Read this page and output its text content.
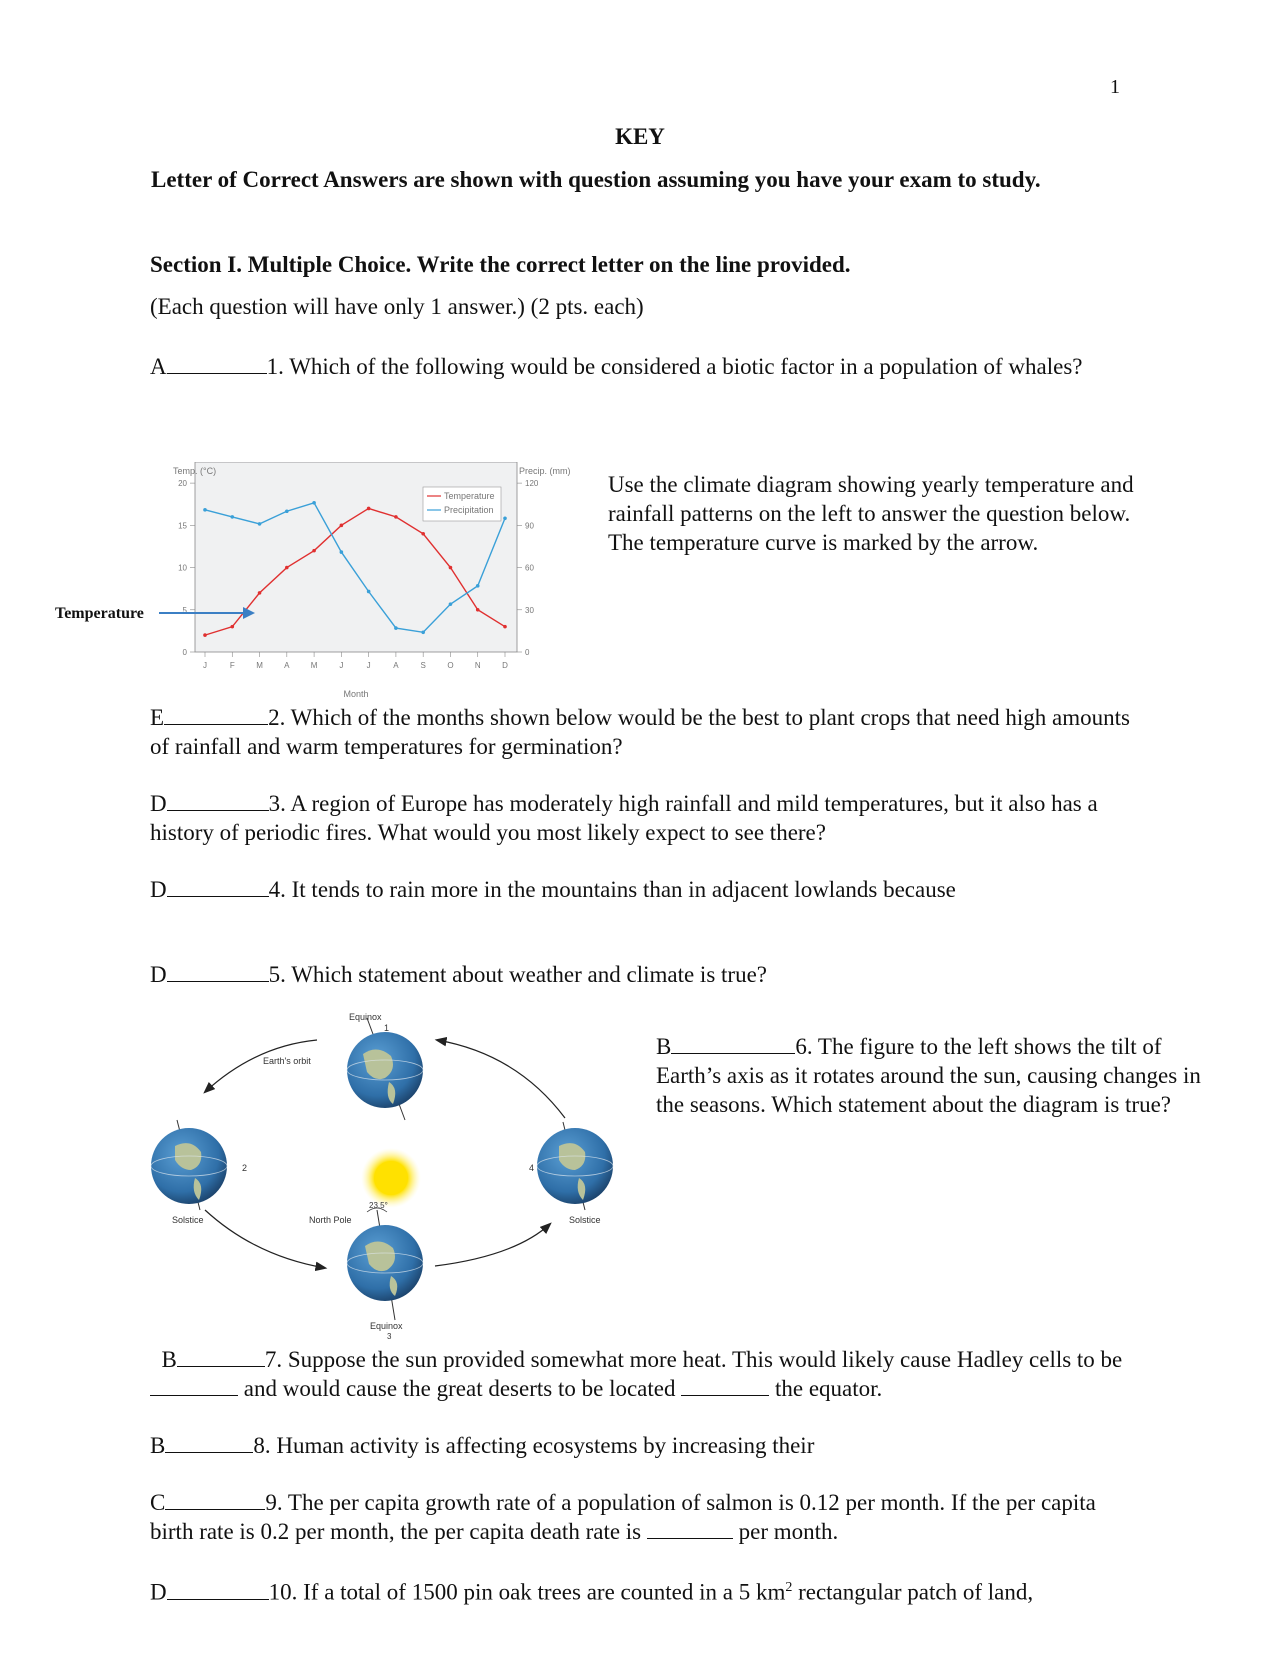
1
KEY
Letter of Correct Answers are shown with question assuming you have your exam to study.
Section I. Multiple Choice. Write the correct letter on the line provided.
(Each question will have only 1 answer.) (2 pts. each)
A	1. Which of the following would be considered a biotic factor in a population of whales?
0
5
10
15
20
0
30
60
90
120
J	F	M	A	M	J	J	A	S	O	N	D
Temp. (°C)	Precip. (mm)
Month
Temperature
Precipitation
Temperature
Use the climate diagram showing yearly temperature and rainfall patterns on the left to answer the question below. The temperature curve is marked by the arrow.
E	2. Which of the months shown below would be the best to plant crops that need high amounts of rainfall and warm temperatures for germination?
D	3. A region of Europe has moderately high rainfall and mild temperatures, but it also has a history of periodic fires. What would you most likely expect to see there?
D	4. It tends to rain more in the mountains than in adjacent lowlands because
D	5. Which statement about weather and climate is true?
Earth's orbit
Equinox
1
2
Solstice
4
Solstice
23.5°
North Pole
Equinox
3
B	6. The figure to the left shows the tilt of Earth’s axis as it rotates around the sun, causing changes in the seasons. Which statement about the diagram is true?
B	7. Suppose the sun provided somewhat more heat. This would likely cause Hadley cells to be  and would cause the great deserts to be located	the equator.
B	8. Human activity is affecting ecosystems by increasing their
C	9. The per capita growth rate of a population of salmon is 0.12 per month. If the per capita birth rate is 0.2 per month, the per capita death rate is	per month.
D	10. If a total of 1500 pin oak trees are counted in a 5 $km^2$ rectangular patch of land,
